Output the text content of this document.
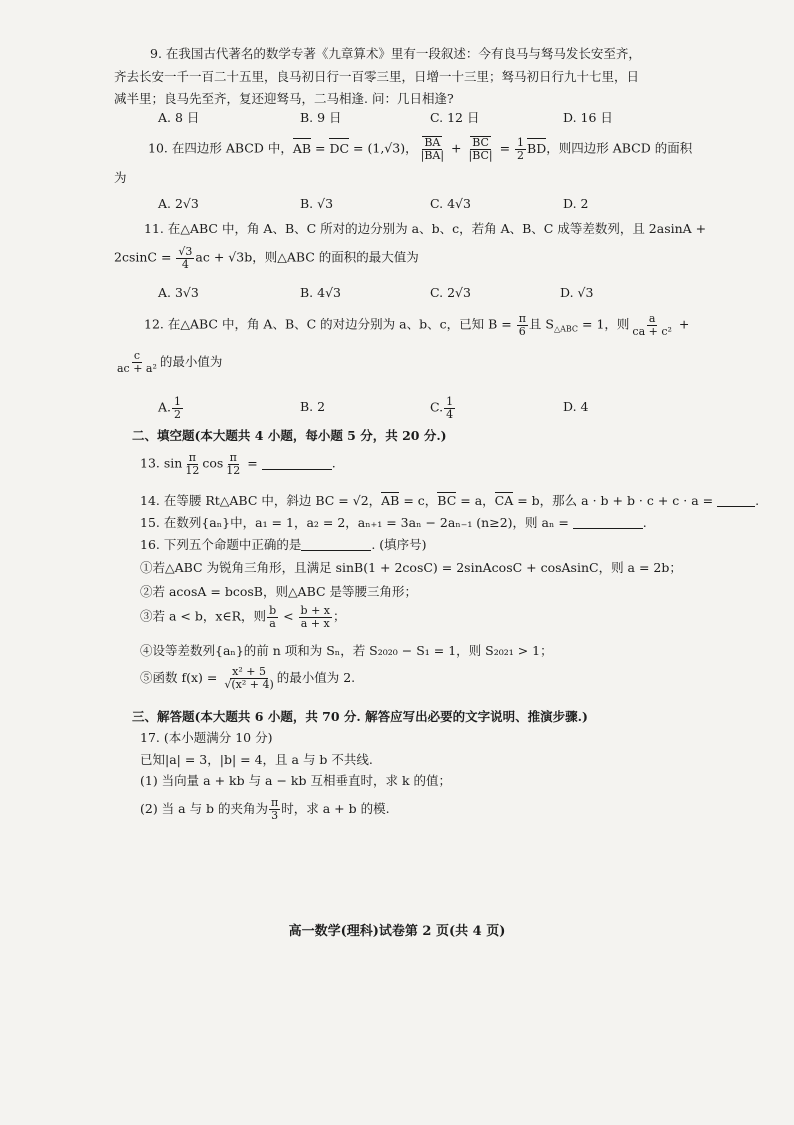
9. 在我国古代著名的数学专著《九章算术》里有一段叙述：今有良马与驽马发长安至齐，
齐去长安一千一百二十五里，良马初日行一百零三里，日增一十三里；驽马初日行九十七里，日
减半里；良马先至齐，复还迎驽马，二马相逢. 问：几日相逢?
A. 8 日	B. 9 日	C. 12 日	D. 16 日
10. 在四边形 ABCD 中，AB = DC = (1,√3)， $\frac{BA}{|BA|} + \frac{BC}{|BC|} = \frac{1}{2}$ BD，则四边形 ABCD 的面积
为
A. 2√3	B. √3	C. 4√3	D. 2
11. 在△ABC 中，角 A、B、C 所对的边分别为 a、b、c，若角 A、B、C 成等差数列，且 2asinA +
$2csinC = \frac{√3}{4}$ ac + √3b，则△ABC 的面积的最大值为
A. 3√3	B. 4√3	C. 2√3	D. √3
12. 在△ABC 中，角 A、B、C 的对边分别为 a、b、c，已知 $B = \frac{\pi}{6}$ 且 $S_{\triangle ABC} = 1$，则 $\frac{a}{\text{ca + c²}}$ +
$\frac{c}{\text{ac + a²}}$ 的最小值为
A. $\frac{1}{2}$	B. 2	C. $\frac{1}{4}$	D. 4
二、填空题(本大题共 4 小题，每小题 5 分，共 20 分.)
13. $\sin \frac{\pi}{12}$ $\cos \frac{\pi}{12}$ =	.
14. 在等腰 Rt△ABC 中，斜边 BC = √2，AB = c，BC = a，CA = b，那么 a · b + b · c + c · a =	.
15. 在数列{aₙ}中，a₁ = 1，a₂ = 2，aₙ₊₁ = 3aₙ − 2aₙ₋₁ (n≥2)，则 aₙ =	.
16. 下列五个命题中正确的是	. (填序号)
①若△ABC 为锐角三角形，且满足 sinB(1 + 2cosC) = 2sinAcosC + cosAsinC，则 a = 2b；
②若 acosA = bcosB，则△ABC 是等腰三角形；
③若 a < b，x∈R，则 $\frac{b}{a} < \frac{b + x}{a + x}$ ；
④设等差数列{aₙ}的前 n 项和为 Sₙ，若 S₂₀₂₀ − S₁ = 1，则 S₂₀₂₁ > 1；
⑤函数 $f(x) = \frac{\text{x² + 5}}{\text{√(x² + 4)}}$ 的最小值为 2.
三、解答题(本大题共 6 小题，共 70 分. 解答应写出必要的文字说明、推演步骤.)
17. (本小题满分 10 分)
已知|a| = 3，|b| = 4，且 a 与 b 不共线.
(1) 当向量 a + kb 与 a − kb 互相垂直时，求 k 的值；
(2) 当 a 与 b 的夹角为 $\frac{\pi}{3}$ 时，求 a + b 的模.
高一数学(理科)试卷第 2 页(共 4 页)
